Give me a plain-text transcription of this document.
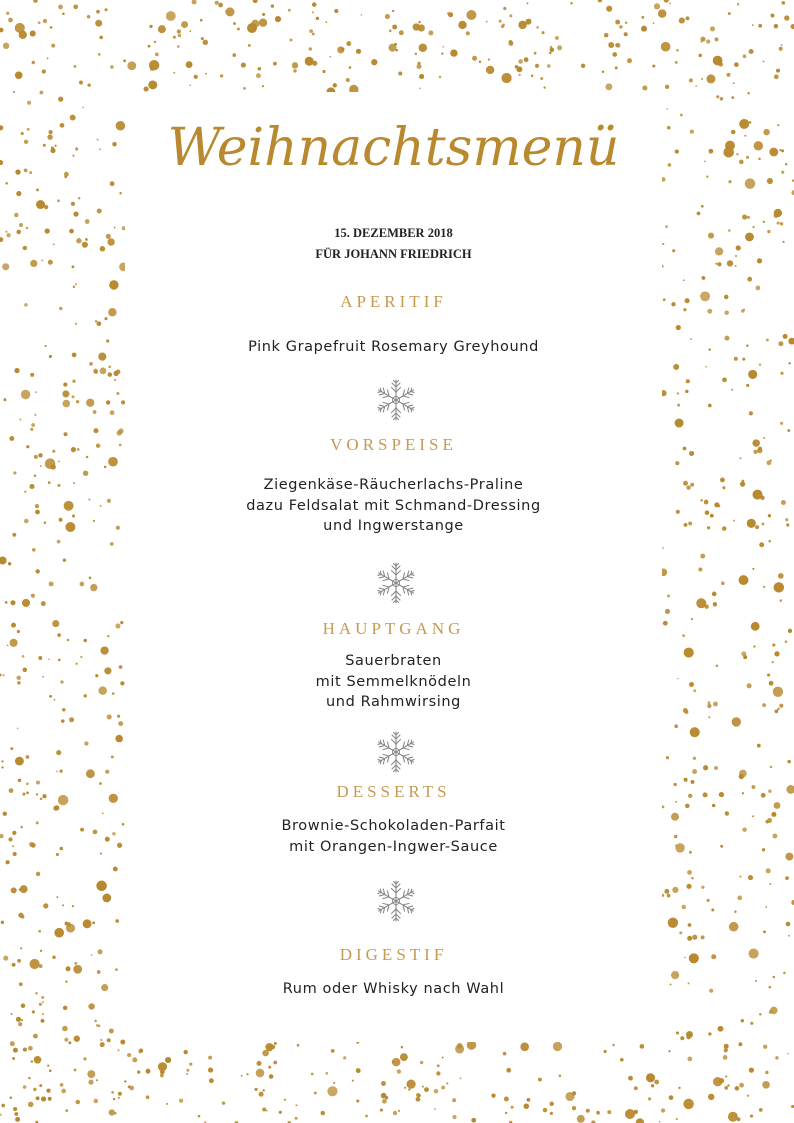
Weihnachtsmenü
15. DEZEMBER 2018
FÜR JOHANN FRIEDRICH
APERITIF
Pink Grapefruit Rosemary Greyhound
VORSPEISE
Ziegenkäse-Räucherlachs-Praline
dazu Feldsalat mit Schmand-Dressing
und Ingwerstange
HAUPTGANG
Sauerbraten
mit Semmelknödeln
und Rahmwirsing
DESSERTS
Brownie-Schokoladen-Parfait
mit Orangen-Ingwer-Sauce
DIGESTIF
Rum oder Whisky nach Wahl
